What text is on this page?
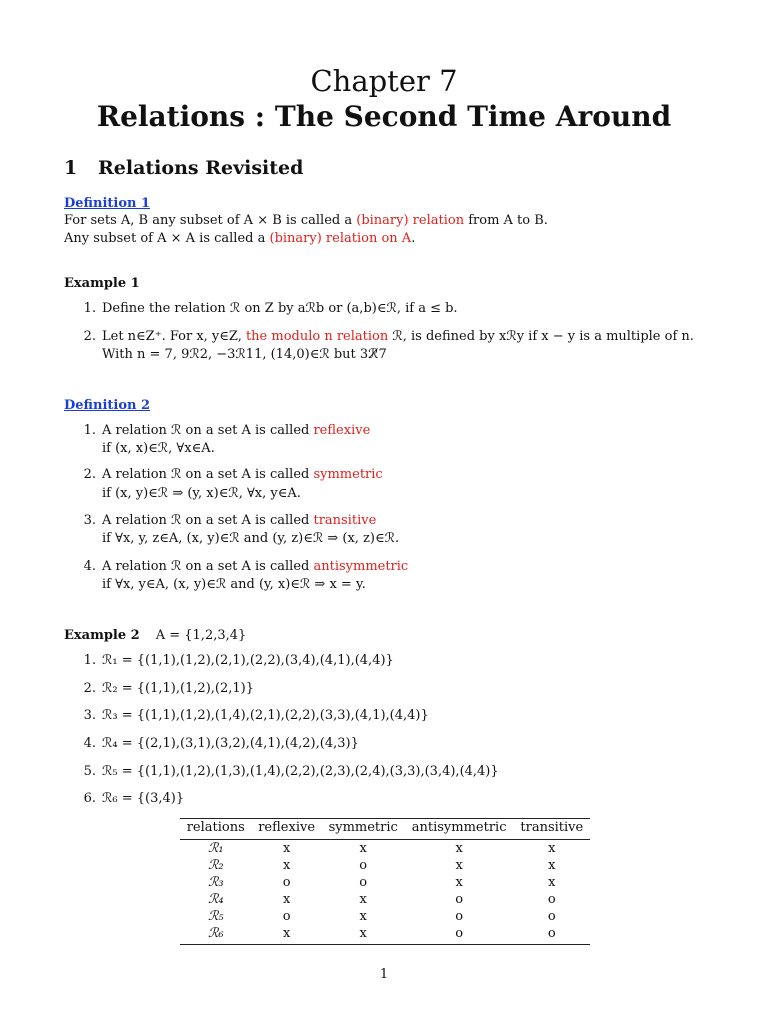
Chapter 7
Relations : The Second Time Around
1 Relations Revisited
Definition 1
For sets A, B any subset of A × B is called a (binary) relation from A to B.
Any subset of A × A is called a (binary) relation on A.
Example 1
1. Define the relation ℛ on Z by aℛb or (a,b)∈ℛ, if a ≤ b.
2. Let n∈Z⁺. For x, y∈Z, the modulo n relation ℛ, is defined by xℛy if x − y is a multiple of n.
With n = 7, 9ℛ2, −3ℛ11, (14,0)∈ℛ but 3ℛ̸7
Definition 2
1. A relation ℛ on a set A is called reflexive
if (x, x)∈ℛ, ∀x∈A.
2. A relation ℛ on a set A is called symmetric
if (x, y)∈ℛ ⇒ (y, x)∈ℛ, ∀x, y∈A.
3. A relation ℛ on a set A is called transitive
if ∀x, y, z∈A, (x, y)∈ℛ and (y, z)∈ℛ ⇒ (x, z)∈ℛ.
4. A relation ℛ on a set A is called antisymmetric
if ∀x, y∈A, (x, y)∈ℛ and (y, x)∈ℛ ⇒ x = y.
Example 2 A = {1,2,3,4}
1. ℛ₁ = {(1,1),(1,2),(2,1),(2,2),(3,4),(4,1),(4,4)}
2. ℛ₂ = {(1,1),(1,2),(2,1)}
3. ℛ₃ = {(1,1),(1,2),(1,4),(2,1),(2,2),(3,3),(4,1),(4,4)}
4. ℛ₄ = {(2,1),(3,1),(3,2),(4,1),(4,2),(4,3)}
5. ℛ₅ = {(1,1),(1,2),(1,3),(1,4),(2,2),(2,3),(2,4),(3,3),(3,4),(4,4)}
6. ℛ₆ = {(3,4)}
relations	reflexive	symmetric	antisymmetric	transitive
ℛ₁	x	x	x	x
ℛ₂	x	o	x	x
ℛ₃	o	o	x	x
ℛ₄	x	x	o	o
ℛ₅	o	x	o	o
ℛ₆	x	x	o	o
1
